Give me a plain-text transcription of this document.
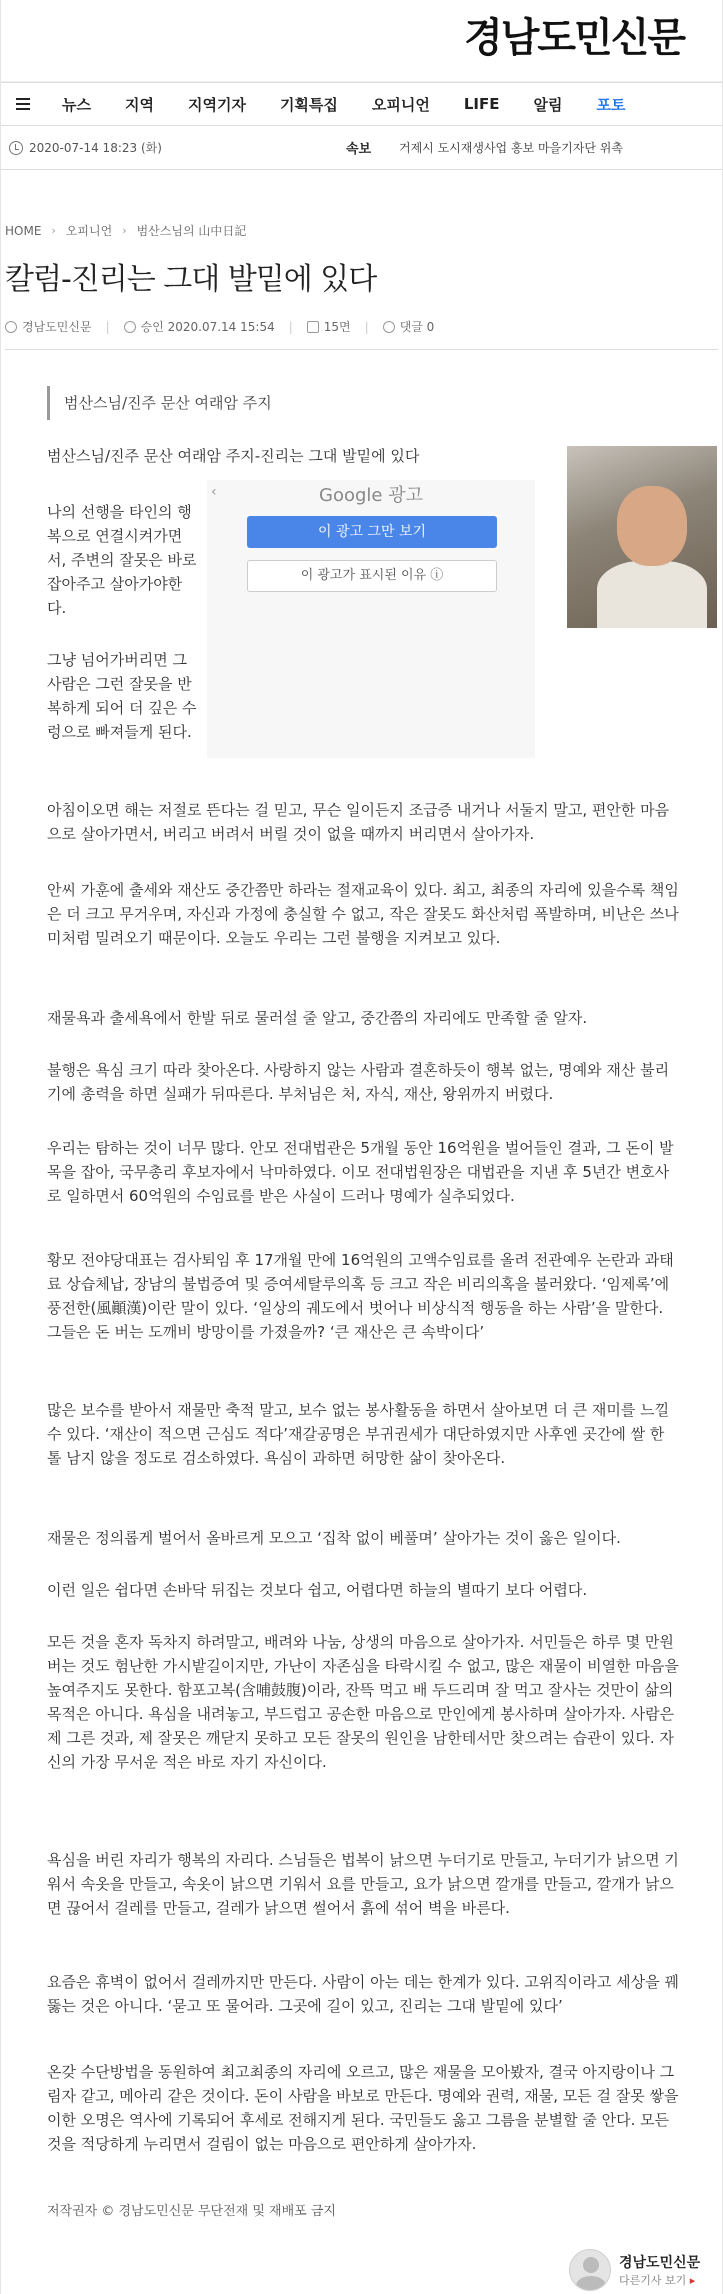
경남도민신문
뉴스	지역	지역기자	기획특집	오피니언	LIFE	알림	포토
2020-07-14 18:23 (화)	속보 거제시 도시재생사업 홍보 마을기자단 위촉
HOME › 오피니언 › 범산스님의 山中日記
칼럼-진리는 그대 발밑에 있다
경남도민신문 |	승인 2020.07.14 15:54 |	15면 |	댓글 0
범산스님/진주 문산 여래암 주지
범산스님/진주 문산 여래암 주지-진리는 그대 발밑에 있다
‹	Google 광고
이 광고 그만 보기
이 광고가 표시된 이유 ⓘ
나의 선행을 타인의 행복으로 연결시켜가면서, 주변의 잘못은 바로 잡아주고 살아가야한다.
그냥 넘어가버리면 그 사람은 그런 잘못을 반복하게 되어 더 깊은 수렁으로 빠져들게 된다.
아침이오면 해는 저절로 뜬다는 걸 믿고, 무슨 일이든지 조급증 내거나 서둘지 말고, 편안한 마음으로 살아가면서, 버리고 버려서 버릴 것이 없을 때까지 버리면서 살아가자.
안씨 가훈에 출세와 재산도 중간쯤만 하라는 절재교육이 있다. 최고, 최종의 자리에 있을수록 책임은 더 크고 무거우며, 자신과 가정에 충실할 수 없고, 작은 잘못도 화산처럼 폭발하며, 비난은 쓰나미처럼 밀려오기 때문이다. 오늘도 우리는 그런 불행을 지켜보고 있다.
재물욕과 출세욕에서 한발 뒤로 물러설 줄 알고, 중간쯤의 자리에도 만족할 줄 알자.
불행은 욕심 크기 따라 찾아온다. 사랑하지 않는 사람과 결혼하듯이 행복 없는, 명예와 재산 불리기에 총력을 하면 실패가 뒤따른다. 부처님은 처, 자식, 재산, 왕위까지 버렸다.
우리는 탐하는 것이 너무 많다. 안모 전대법관은 5개월 동안 16억원을 벌어들인 결과, 그 돈이 발목을 잡아, 국무총리 후보자에서 낙마하였다. 이모 전대법원장은 대법관을 지낸 후 5년간 변호사로 일하면서 60억원의 수임료를 받은 사실이 드러나 명예가 실추되었다.
황모 전야당대표는 검사퇴임 후 17개월 만에 16억원의 고액수임료를 올려 전관예우 논란과 과태료 상습체납, 장남의 불법증여 및 증여세탈루의혹 등 크고 작은 비리의혹을 불러왔다. ‘임제록’에 풍전한(風顚漢)이란 말이 있다. ‘일상의 궤도에서 벗어나 비상식적 행동을 하는 사람’을 말한다. 그들은 돈 버는 도깨비 방망이를 가졌을까? ‘큰 재산은 큰 속박이다’
많은 보수를 받아서 재물만 축적 말고, 보수 없는 봉사활동을 하면서 살아보면 더 큰 재미를 느낄 수 있다. ‘재산이 적으면 근심도 적다’재갈공명은 부귀권세가 대단하였지만 사후엔 곳간에 쌀 한 톨 남지 않을 정도로 검소하였다. 욕심이 과하면 허망한 삶이 찾아온다.
재물은 정의롭게 벌어서 올바르게 모으고 ‘집착 없이 베풀며’ 살아가는 것이 옳은 일이다.
이런 일은 쉽다면 손바닥 뒤집는 것보다 쉽고, 어렵다면 하늘의 별따기 보다 어렵다.
모든 것을 혼자 독차지 하려말고, 배려와 나눔, 상생의 마음으로 살아가자. 서민들은 하루 몇 만원 버는 것도 험난한 가시밭길이지만, 가난이 자존심을 타락시킬 수 없고, 많은 재물이 비열한 마음을 높여주지도 못한다. 함포고복(含哺鼓腹)이라, 잔뜩 먹고 배 두드리며 잘 먹고 잘사는 것만이 삶의 목적은 아니다. 욕심을 내려놓고, 부드럽고 공손한 마음으로 만인에게 봉사하며 살아가자. 사람은 제 그른 것과, 제 잘못은 깨닫지 못하고 모든 잘못의 원인을 남한테서만 찾으려는 습관이 있다. 자신의 가장 무서운 적은 바로 자기 자신이다.
욕심을 버린 자리가 행복의 자리다. 스님들은 법복이 낡으면 누더기로 만들고, 누더기가 낡으면 기워서 속옷을 만들고, 속옷이 낡으면 기워서 요를 만들고, 요가 낡으면 깔개를 만들고, 깔개가 낡으면 끊어서 걸레를 만들고, 걸레가 낡으면 썰어서 흙에 섞어 벽을 바른다.
요즘은 휴벽이 없어서 걸레까지만 만든다. 사람이 아는 데는 한계가 있다. 고위직이라고 세상을 꿰뚫는 것은 아니다. ‘묻고 또 물어라. 그곳에 길이 있고, 진리는 그대 발밑에 있다’
온갖 수단방법을 동원하여 최고최종의 자리에 오르고, 많은 재물을 모아봤자, 결국 아지랑이나 그림자 같고, 메아리 같은 것이다. 돈이 사람을 바보로 만든다. 명예와 권력, 재물, 모든 걸 잘못 쌓을이한 오명은 역사에 기록되어 후세로 전해지게 된다. 국민들도 옳고 그름을 분별할 줄 안다. 모든 것을 적당하게 누리면서 걸림이 없는 마음으로 편안하게 살아가자.
저작권자 © 경남도민신문 무단전재 및 재배포 금지
경남도민신문
다른기사 보기 ▸
